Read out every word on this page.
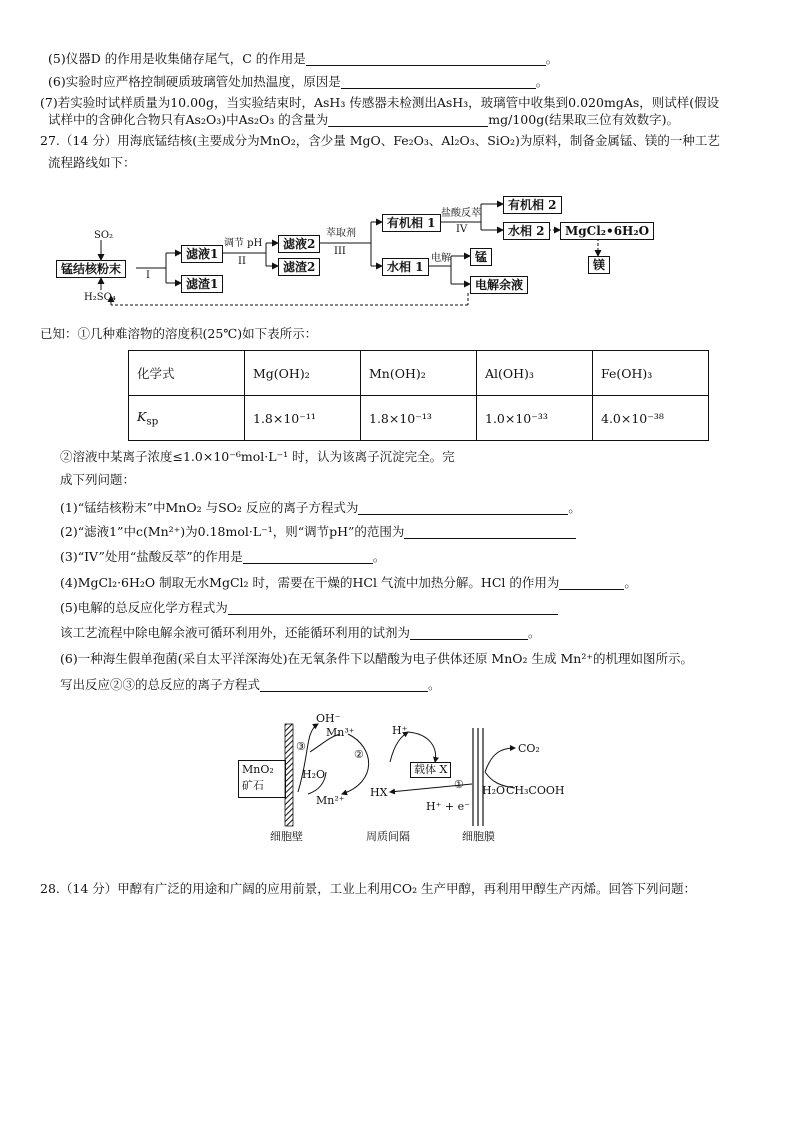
(5)仪器D 的作用是收集储存尾气，C 的作用是	。
(6)实验时应严格控制硬质玻璃管处加热温度，原因是	。
(7)若实验时试样质量为10.00g，当实验结束时，AsH₃ 传感器未检测出AsH₃，玻璃管中收集到0.020mgAs，则试样(假设
试样中的含砷化合物只有As₂O₃)中As₂O₃ 的含量为	mg/100g(结果取三位有效数字)。
27.（14 分）用海底锰结核(主要成分为MnO₂，含少量 MgO、Fe₂O₃、Al₂O₃、SiO₂)为原料，制备金属锰、镁的一种工艺
流程路线如下：
SO₂
锰结核粉末
H₂SO₄
I
滤液1
滤渣1
调节 pH
II
滤液2
滤渣2
萃取剂
III
有机相 1
水相 1
盐酸反萃
IV
有机相 2
水相 2	MgCl₂•6H₂O
镁
电解	锰
电解余液
已知：①几种难溶物的溶度积(25℃)如下表所示：
化学式	Mg(OH)₂	Mn(OH)₂	Al(OH)₃	Fe(OH)₃
$K_{sp}$	1.8×10⁻¹¹	1.8×10⁻¹³	1.0×10⁻³³	4.0×10⁻³⁸
②溶液中某离子浓度≤1.0×10⁻⁶mol·L⁻¹ 时，认为该离子沉淀完全。完
成下列问题：
(1)“锰结核粉末”中MnO₂ 与SO₂ 反应的离子方程式为	。
(2)“滤液1”中c(Mn²⁺)为0.18mol·L⁻¹，则“调节pH”的范围为
(3)“IV”处用“盐酸反萃”的作用是	。
(4)MgCl₂·6H₂O 制取无水MgCl₂ 时，需要在干燥的HCl 气流中加热分解。HCl 的作用为	。
(5)电解的总反应化学方程式为
该工艺流程中除电解余液可循环利用外，还能循环利用的试剂为	。
(6)一种海生假单孢菌(采自太平洋深海处)在无氧条件下以醋酸为电子供体还原 MnO₂ 生成 Mn²⁺的机理如图所示。
写出反应②③的总反应的离子方程式	。
OH⁻
Mn³⁺	H⁺
MnO₂
矿石
③
H₂O
Mn²⁺
②
载体 X
HX
①
H⁺ + e⁻
CO₂
H₂O CH₃COOH
细胞壁	周质间隔	细胞膜
28.（14 分）甲醇有广泛的用途和广阔的应用前景，工业上利用CO₂ 生产甲醇，再利用甲醇生产丙烯。回答下列问题：
